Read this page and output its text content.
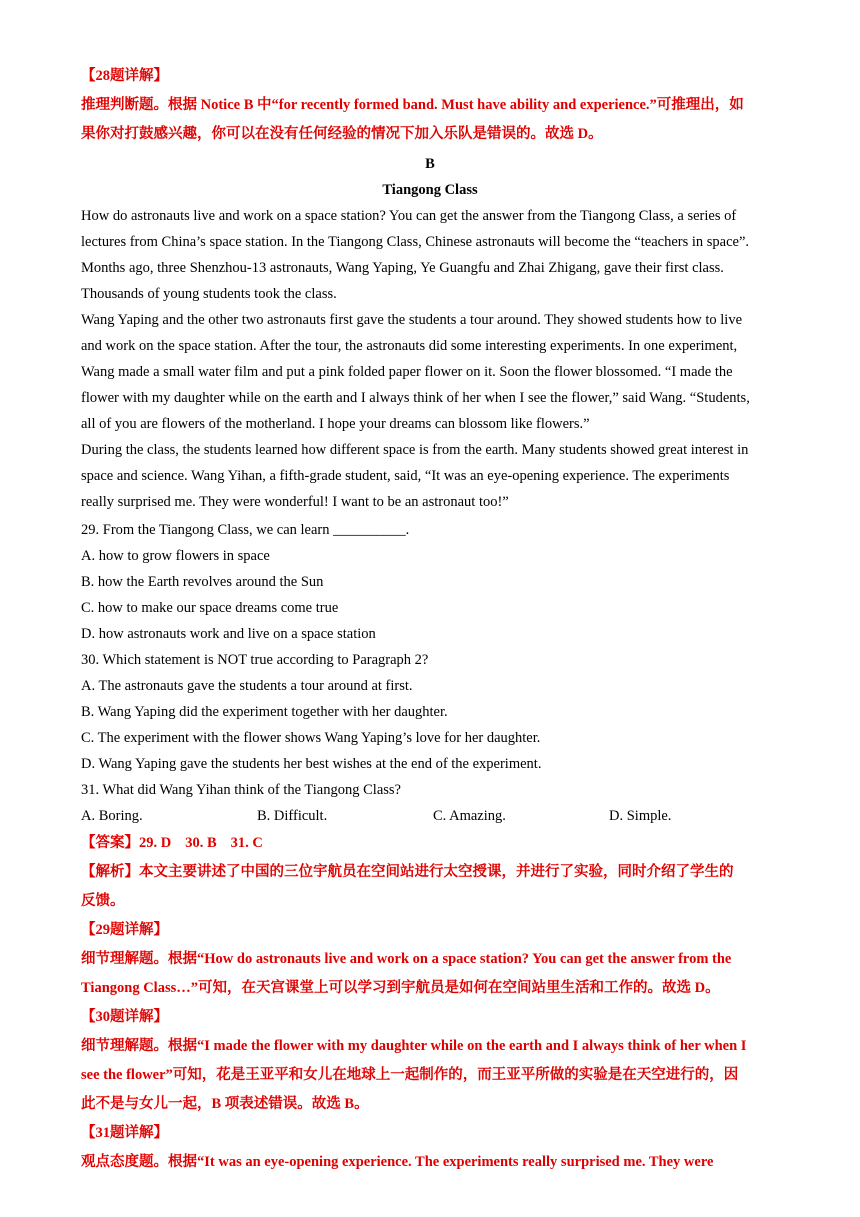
【28题详解】
推理判断题。根据 Notice B 中“for recently formed band. Must have ability and experience.”可推理出，如
果你对打鼓感兴趣，你可以在没有任何经验的情况下加入乐队是错误的。故选 D。
B
Tiangong Class
How do astronauts live and work on a space station? You can get the answer from the Tiangong Class, a series of
lectures from China’s space station. In the Tiangong Class, Chinese astronauts will become the “teachers in space”.
Months ago, three Shenzhou-13 astronauts, Wang Yaping, Ye Guangfu and Zhai Zhigang, gave their first class.
Thousands of young students took the class.
Wang Yaping and the other two astronauts first gave the students a tour around. They showed students how to live
and work on the space station. After the tour, the astronauts did some interesting experiments. In one experiment,
Wang made a small water film and put a pink folded paper flower on it. Soon the flower blossomed. “I made the
flower with my daughter while on the earth and I always think of her when I see the flower,” said Wang. “Students,
all of you are flowers of the motherland. I hope your dreams can blossom like flowers.”
During the class, the students learned how different space is from the earth. Many students showed great interest in
space and science. Wang Yihan, a fifth-grade student, said, “It was an eye-opening experience. The experiments
really surprised me. They were wonderful! I want to be an astronaut too!”
29. From the Tiangong Class, we can learn __________.
A. how to grow flowers in space
B. how the Earth revolves around the Sun
C. how to make our space dreams come true
D. how astronauts work and live on a space station
30. Which statement is NOT true according to Paragraph 2?
A. The astronauts gave the students a tour around at first.
B. Wang Yaping did the experiment together with her daughter.
C. The experiment with the flower shows Wang Yaping’s love for her daughter.
D. Wang Yaping gave the students her best wishes at the end of the experiment.
31. What did Wang Yihan think of the Tiangong Class?
A. Boring.	B. Difficult.	C. Amazing.	D. Simple.
【答案】29. D 30. B 31. C
【解析】本文主要讲述了中国的三位宇航员在空间站进行太空授课，并进行了实验，同时介绍了学生的
反馈。
【29题详解】
细节理解题。根据“How do astronauts live and work on a space station? You can get the answer from the
Tiangong Class…”可知，在天宫课堂上可以学习到宇航员是如何在空间站里生活和工作的。故选 D。
【30题详解】
细节理解题。根据“I made the flower with my daughter while on the earth and I always think of her when I
see the flower”可知，花是王亚平和女儿在地球上一起制作的，而王亚平所做的实验是在天空进行的，因
此不是与女儿一起，B 项表述错误。故选 B。
【31题详解】
观点态度题。根据“It was an eye-opening experience. The experiments really surprised me. They were
